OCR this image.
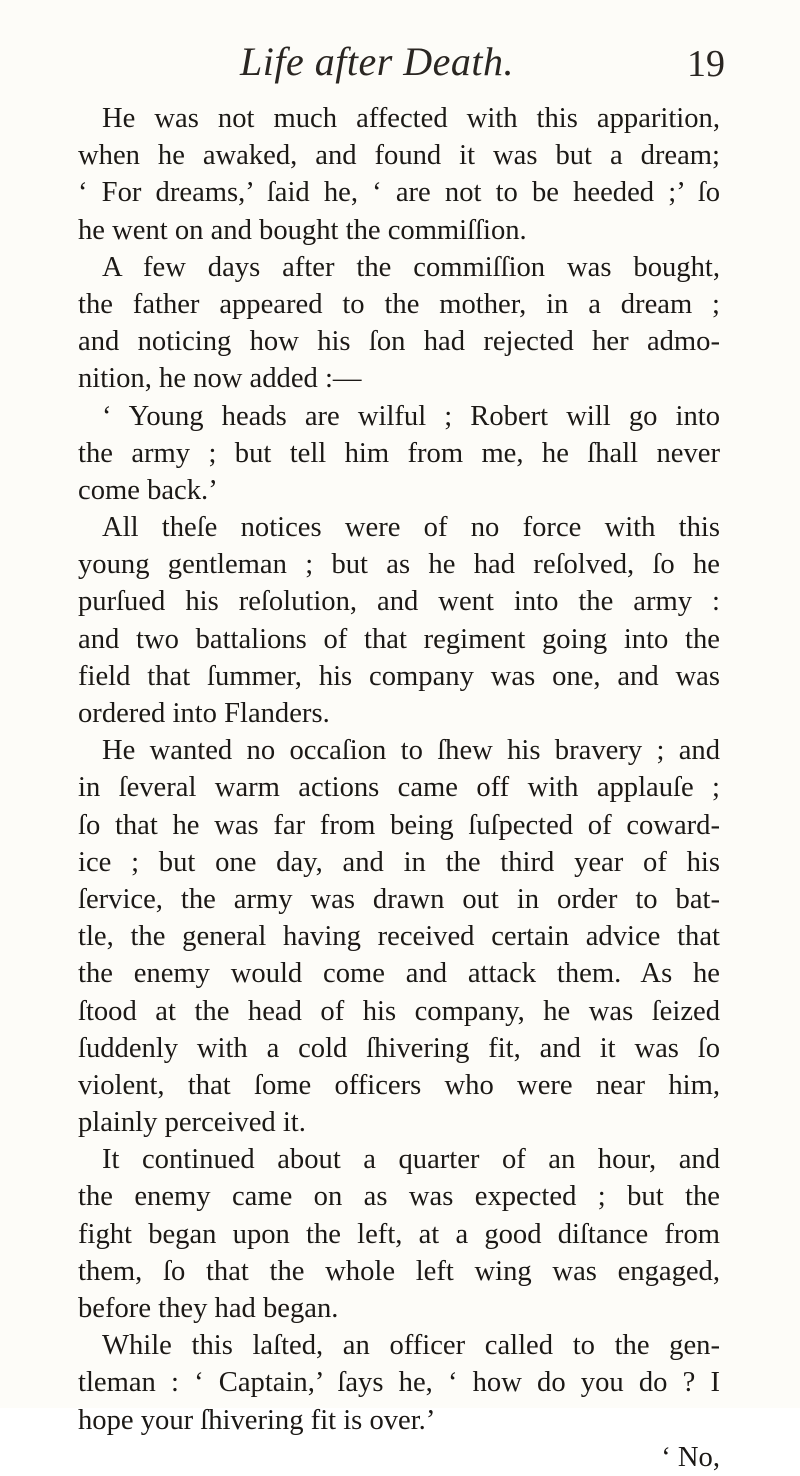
Life after Death.	19
He was not much affected with this apparition,
when he awaked, and found it was but a dream;
‘ For dreams,’ ſaid he, ‘ are not to be heeded ;’ ſo
he went on and bought the commiſſion.
A few days after the commiſſion was bought,
the father appeared to the mother, in a dream ;
and noticing how his ſon had rejected her admo-
nition, he now added :—
‘ Young heads are wilful ; Robert will go into
the army ; but tell him from me, he ſhall never
come back.’
All theſe notices were of no force with this
young gentleman ; but as he had reſolved, ſo he
purſued his reſolution, and went into the army :
and two battalions of that regiment going into the
field that ſummer, his company was one, and was
ordered into Flanders.
He wanted no occaſion to ſhew his bravery ; and
in ſeveral warm actions came off with applauſe ;
ſo that he was far from being ſuſpected of coward-
ice ; but one day, and in the third year of his
ſervice, the army was drawn out in order to bat-
tle, the general having received certain advice that
the enemy would come and attack them. As he
ſtood at the head of his company, he was ſeized
ſuddenly with a cold ſhivering fit, and it was ſo
violent, that ſome officers who were near him,
plainly perceived it.
It continued about a quarter of an hour, and
the enemy came on as was expected ; but the
fight began upon the left, at a good diſtance from
them, ſo that the whole left wing was engaged,
before they had began.
While this laſted, an officer called to the gen-
tleman : ‘ Captain,’ ſays he, ‘ how do you do ? I
hope your ſhivering fit is over.’
‘ No,
